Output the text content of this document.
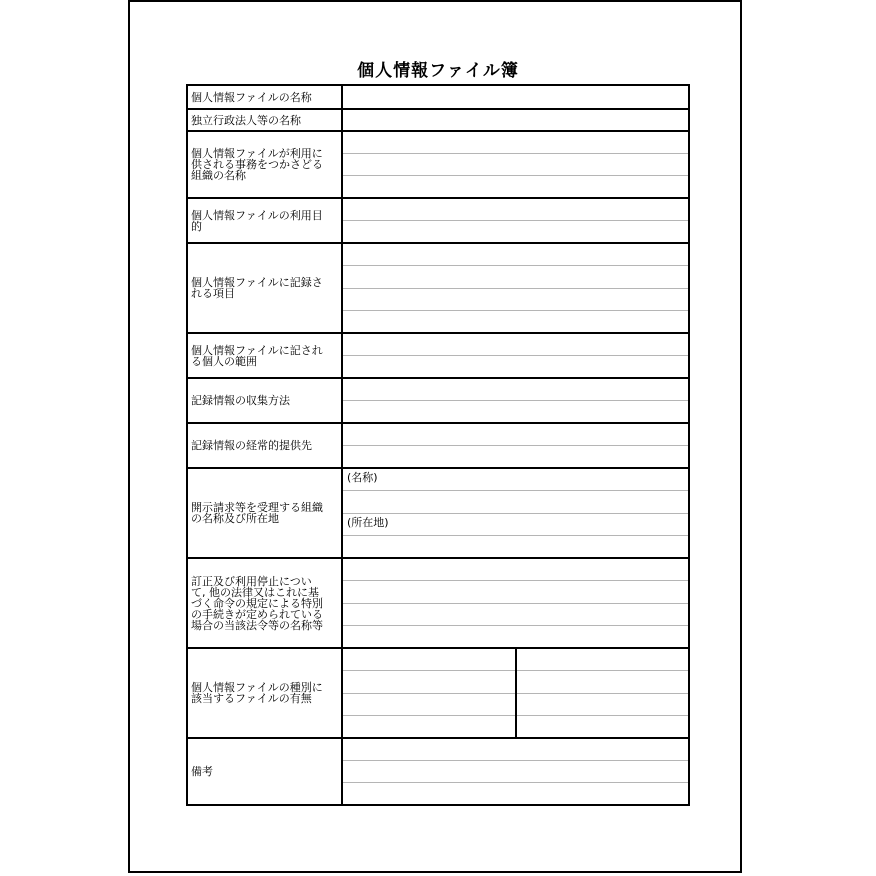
個人情報ファイル簿
個人情報ファイルの名称
独立行政法人等の名称
個人情報ファイルが利用に
供される事務をつかさどる
組織の名称
個人情報ファイルの利用目
的
個人情報ファイルに記録さ
れる項目
個人情報ファイルに記され
る個人の範囲
記録情報の収集方法
記録情報の経常的提供先
開示請求等を受理する組織
の名称及び所在地
(名称)
(所在地)
訂正及び利用停止につい
て, 他の法律又はこれに基
づく命令の規定による特別
の手続きが定められている
場合の当該法令等の名称等
個人情報ファイルの種別に
該当するファイルの有無
備考
